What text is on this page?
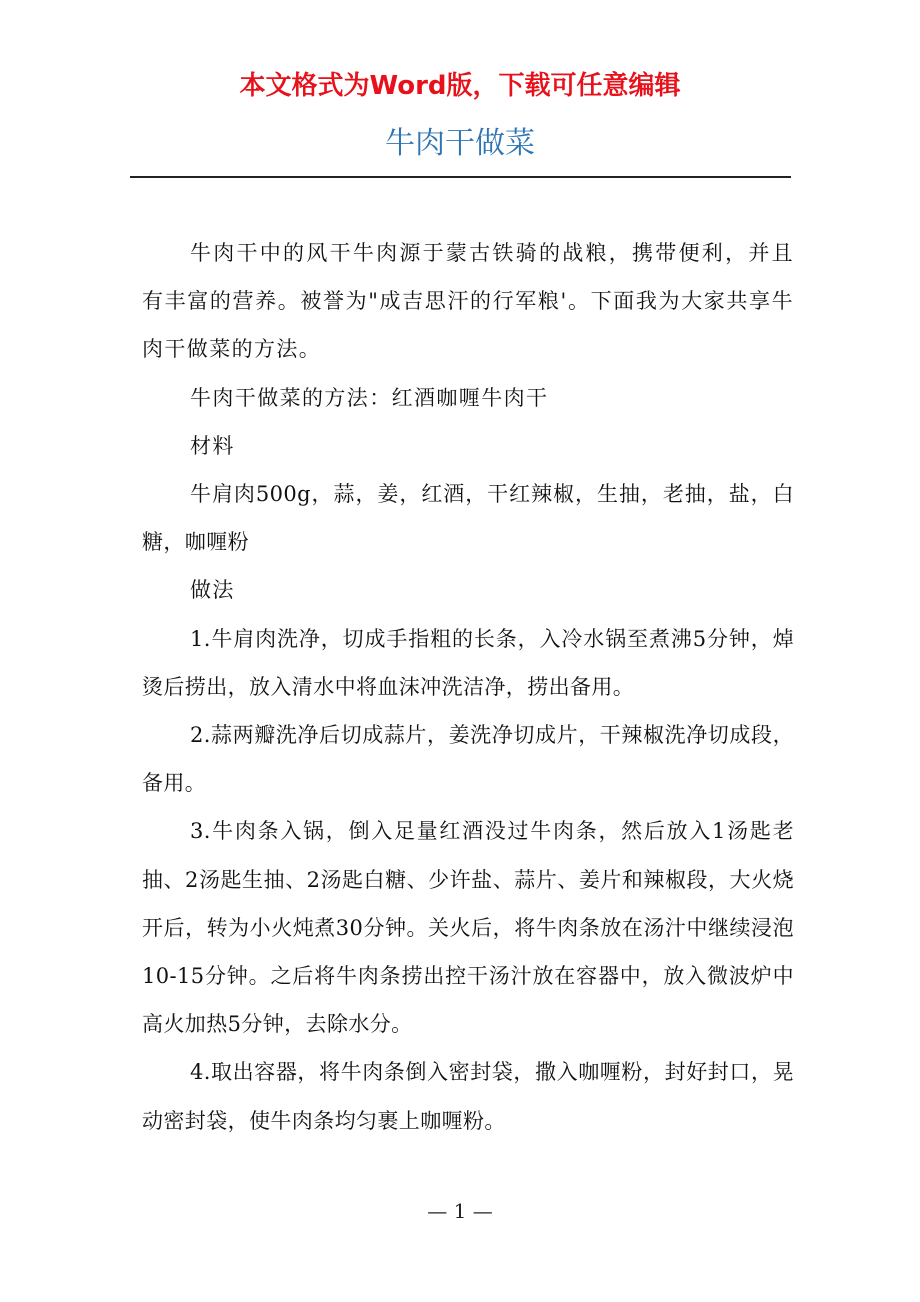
本文格式为Word版，下载可任意编辑
牛肉干做菜

牛肉干中的风干牛肉源于蒙古铁骑的战粮，携带便利，并且有丰富的营养。被誉为"成吉思汗的行军粮'。下面我为大家共享牛肉干做菜的方法。

牛肉干做菜的方法：红酒咖喱牛肉干

材料

牛肩肉500g，蒜，姜，红酒，干红辣椒，生抽，老抽，盐，白糖，咖喱粉

做法

1.牛肩肉洗净，切成手指粗的长条，入冷水锅至煮沸5分钟，焯烫后捞出，放入清水中将血沫冲洗洁净，捞出备用。

2.蒜两瓣洗净后切成蒜片，姜洗净切成片，干辣椒洗净切成段，备用。

3.牛肉条入锅，倒入足量红酒没过牛肉条，然后放入1汤匙老抽、2汤匙生抽、2汤匙白糖、少许盐、蒜片、姜片和辣椒段，大火烧开后，转为小火炖煮30分钟。关火后，将牛肉条放在汤汁中继续浸泡10-15分钟。之后将牛肉条捞出控干汤汁放在容器中，放入微波炉中高火加热5分钟，去除水分。

4.取出容器，将牛肉条倒入密封袋，撒入咖喱粉，封好封口，晃动密封袋，使牛肉条均匀裹上咖喱粉。

— 1 —
